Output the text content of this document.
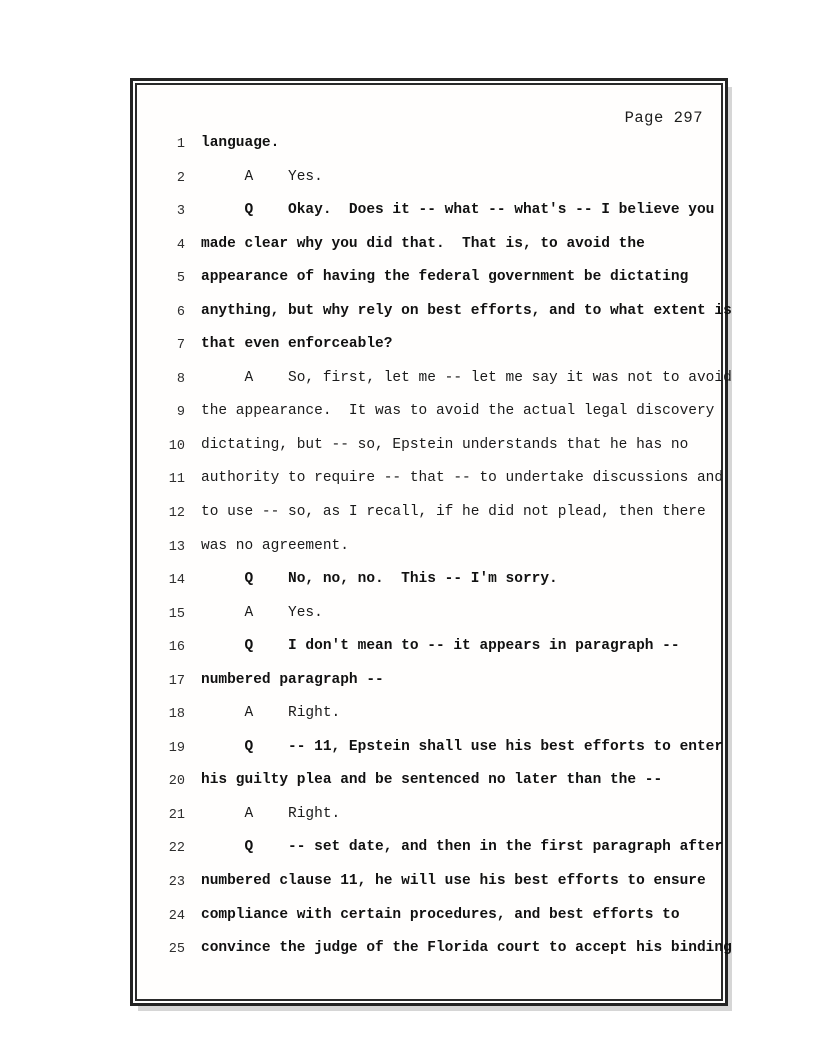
Page 297
1 language.
2 A    Yes.
3 Q    Okay.  Does it -- what -- what's -- I believe you
4 made clear why you did that.  That is, to avoid the
5 appearance of having the federal government be dictating
6 anything, but why rely on best efforts, and to what extent is
7 that even enforceable?
8 A    So, first, let me -- let me say it was not to avoid
9 the appearance.  It was to avoid the actual legal discovery
10 dictating, but -- so, Epstein understands that he has no
11 authority to require -- that -- to undertake discussions and
12 to use -- so, as I recall, if he did not plead, then there
13 was no agreement.
14 Q    No, no, no.  This -- I'm sorry.
15 A    Yes.
16 Q    I don't mean to -- it appears in paragraph --
17 numbered paragraph --
18 A    Right.
19 Q    -- 11, Epstein shall use his best efforts to enter
20 his guilty plea and be sentenced no later than the --
21 A    Right.
22 Q    -- set date, and then in the first paragraph after
23 numbered clause 11, he will use his best efforts to ensure
24 compliance with certain procedures, and best efforts to
25 convince the judge of the Florida court to accept his binding
